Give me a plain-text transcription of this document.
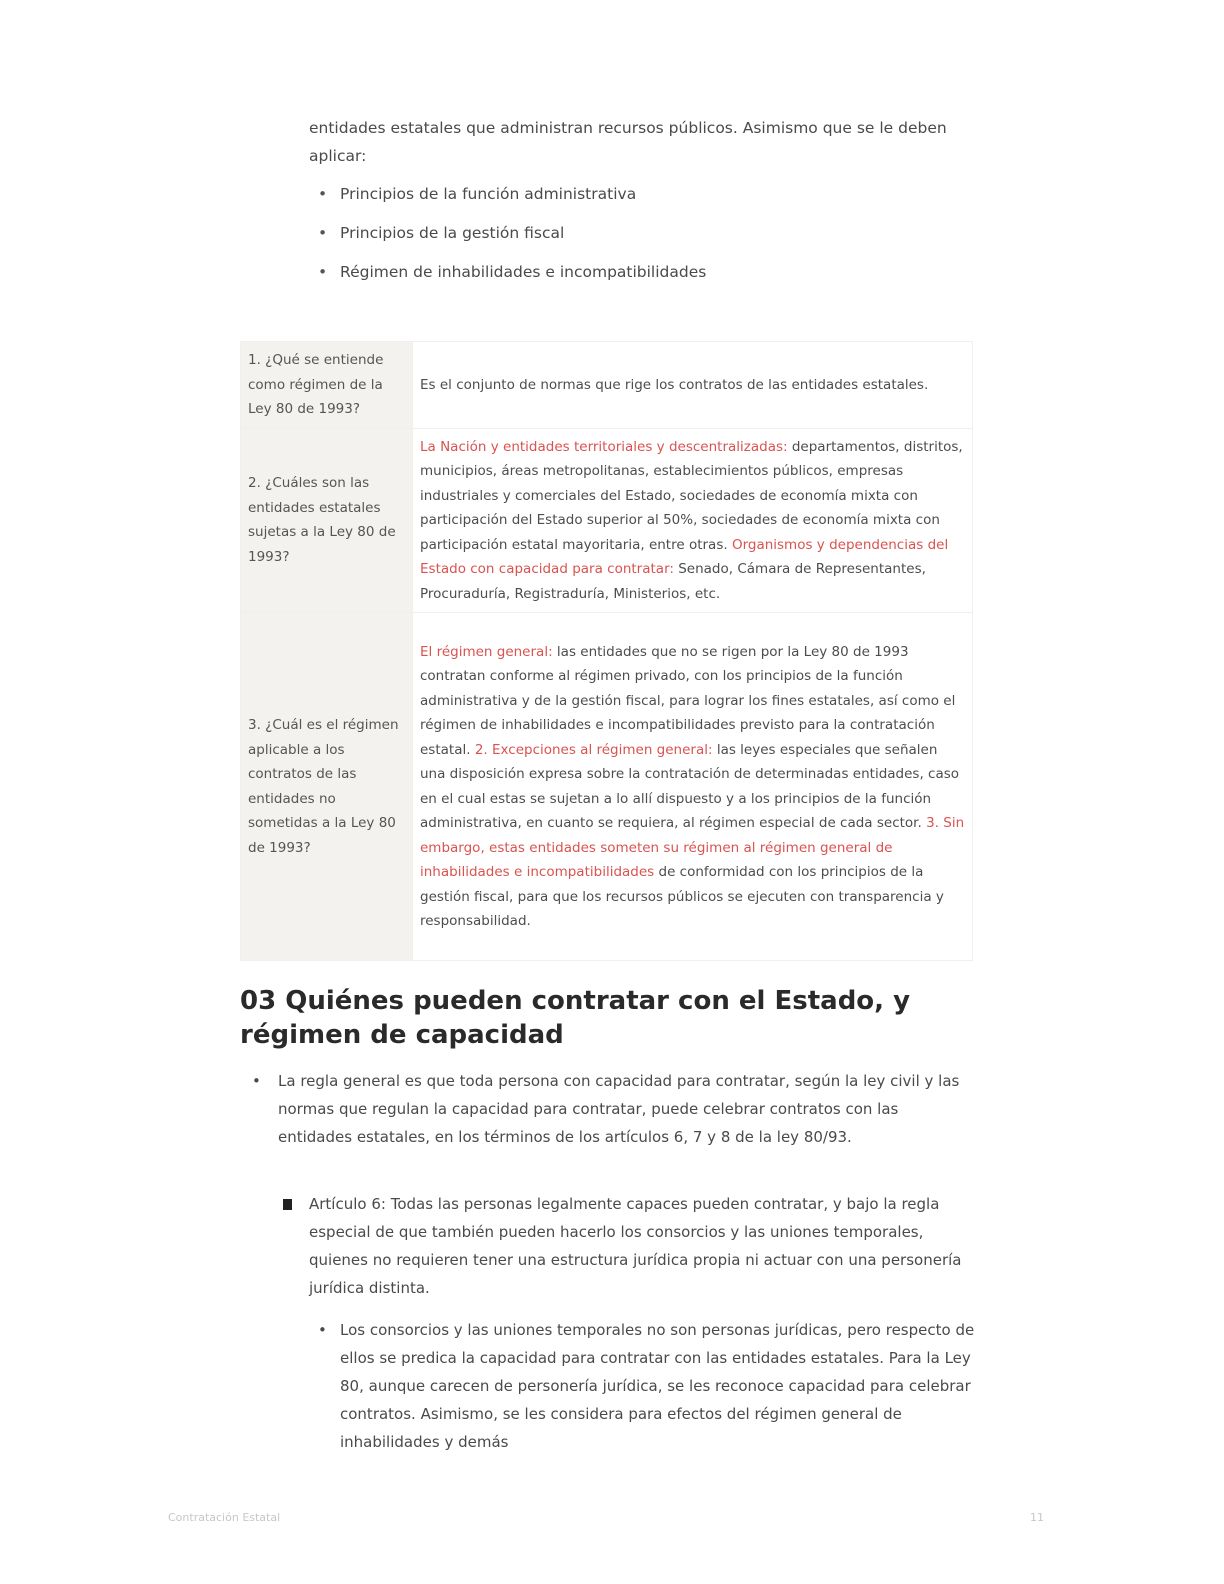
entidades estatales que administran recursos públicos. Asimismo que se le deben aplicar:

• Principios de la función administrativa
• Principios de la gestión fiscal
• Régimen de inhabilidades e incompatibilidades
1. ¿Qué se entiende como régimen de la Ley 80 de 1993?	Es el conjunto de normas que rige los contratos de las entidades estatales.
2. ¿Cuáles son las entidades estatales sujetas a la Ley 80 de 1993?	La Nación y entidades territoriales y descentralizadas: departamentos, distritos, municipios, áreas metropolitanas, establecimientos públicos, empresas industriales y comerciales del Estado, sociedades de economía mixta con participación del Estado superior al 50%, sociedades de economía mixta con participación estatal mayoritaria, entre otras. Organismos y dependencias del Estado con capacidad para contratar: Senado, Cámara de Representantes, Procuraduría, Registraduría, Ministerios, etc.
3. ¿Cuál es el régimen aplicable a los contratos de las entidades no sometidas a la Ley 80 de 1993?	El régimen general: las entidades que no se rigen por la Ley 80 de 1993 contratan conforme al régimen privado, con los principios de la función administrativa y de la gestión fiscal, para lograr los fines estatales, así como el régimen de inhabilidades e incompatibilidades previsto para la contratación estatal. 2. Excepciones al régimen general: las leyes especiales que señalen una disposición expresa sobre la contratación de determinadas entidades, caso en el cual estas se sujetan a lo allí dispuesto y a los principios de la función administrativa, en cuanto se requiera, al régimen especial de cada sector. 3. Sin embargo, estas entidades someten su régimen al régimen general de inhabilidades e incompatibilidades de conformidad con los principios de la gestión fiscal, para que los recursos públicos se ejecuten con transparencia y responsabilidad.
03 Quiénes pueden contratar con el Estado, y régimen de capacidad
•	La regla general es que toda persona con capacidad para contratar, según la ley civil y las normas que regulan la capacidad para contratar, puede celebrar contratos con las entidades estatales, en los términos de los artículos 6, 7 y 8 de la ley 80/93.
Artículo 6: Todas las personas legalmente capaces pueden contratar, y bajo la regla especial de que también pueden hacerlo los consorcios y las uniones temporales, quienes no requieren tener una estructura jurídica propia ni actuar con una personería jurídica distinta.
• Los consorcios y las uniones temporales no son personas jurídicas, pero respecto de ellos se predica la capacidad para contratar con las entidades estatales. Para la Ley 80, aunque carecen de personería jurídica, se les reconoce capacidad para celebrar contratos. Asimismo, se les considera para efectos del régimen general de inhabilidades y demás
Contratación Estatal	11
